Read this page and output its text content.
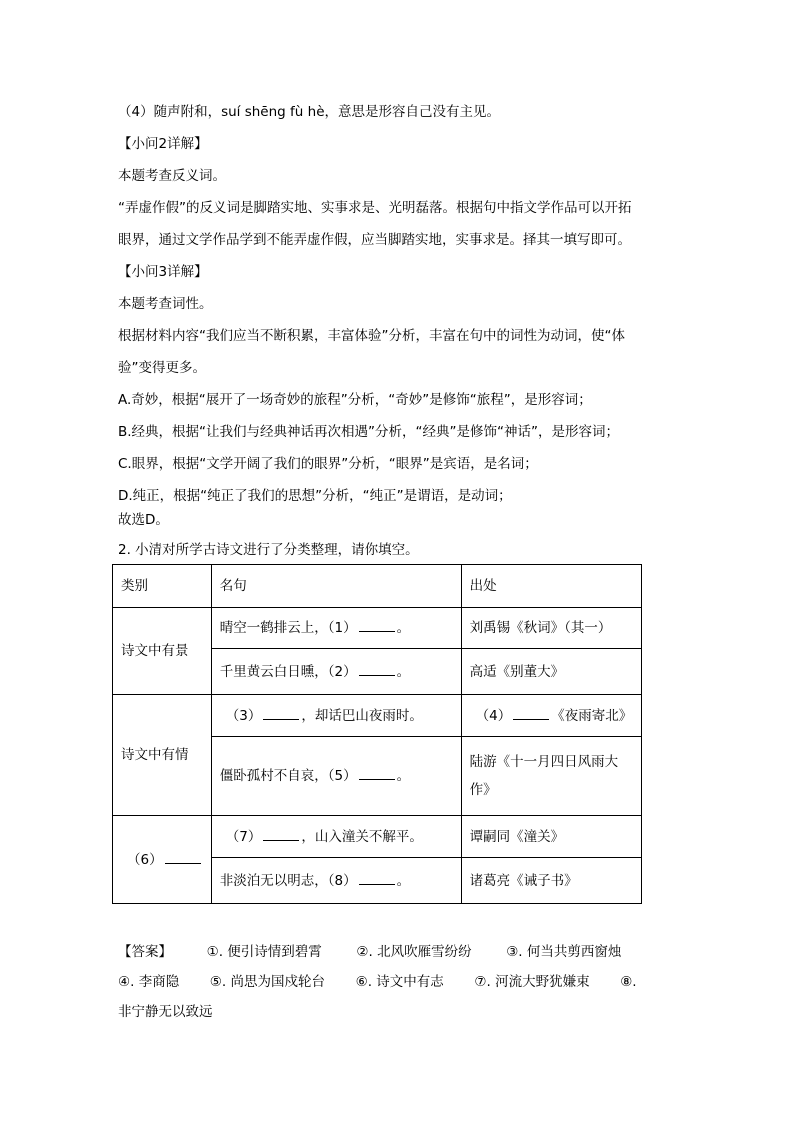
（4）随声附和，suí shēng fù hè，意思是形容自己没有主见。
【小问2详解】
本题考查反义词。
“弄虚作假”的反义词是脚踏实地、实事求是、光明磊落。根据句中指文学作品可以开拓
眼界，通过文学作品学到不能弄虚作假，应当脚踏实地，实事求是。择其一填写即可。
【小问3详解】
本题考查词性。
根据材料内容“我们应当不断积累，丰富体验”分析，丰富在句中的词性为动词，使“体
验”变得更多。
A.奇妙，根据“展开了一场奇妙的旅程”分析，“奇妙”是修饰“旅程”，是形容词；
B.经典，根据“让我们与经典神话再次相遇”分析，“经典”是修饰“神话”，是形容词；
C.眼界，根据“文学开阔了我们的眼界”分析，“眼界”是宾语，是名词；
D.纯正，根据“纯正了我们的思想”分析，“纯正”是谓语，是动词；
故选D。
2. 小清对所学古诗文进行了分类整理，请你填空。
类别	名句	出处
诗文中有景	晴空一鹤排云上，（1） 。	刘禹锡《秋词》（其一）
	千里黄云白日曛，（2） 。	高适《别董大》
诗文中有情	（3） ，却话巴山夜雨时。	（4） 《夜雨寄北》
	僵卧孤村不自哀，（5） 。	陆游《十一月四日风雨大作》
（6）	（7） ，山入潼关不解平。	谭嗣同《潼关》
	非淡泊无以明志，（8） 。	诸葛亮《诫子书》
【答案】	①. 便引诗情到碧霄	②. 北风吹雁雪纷纷	③. 何当共剪西窗烛
④. 李商隐 ⑤. 尚思为国戍轮台 ⑥. 诗文中有志 ⑦. 河流大野犹嫌束 ⑧.
非宁静无以致远
